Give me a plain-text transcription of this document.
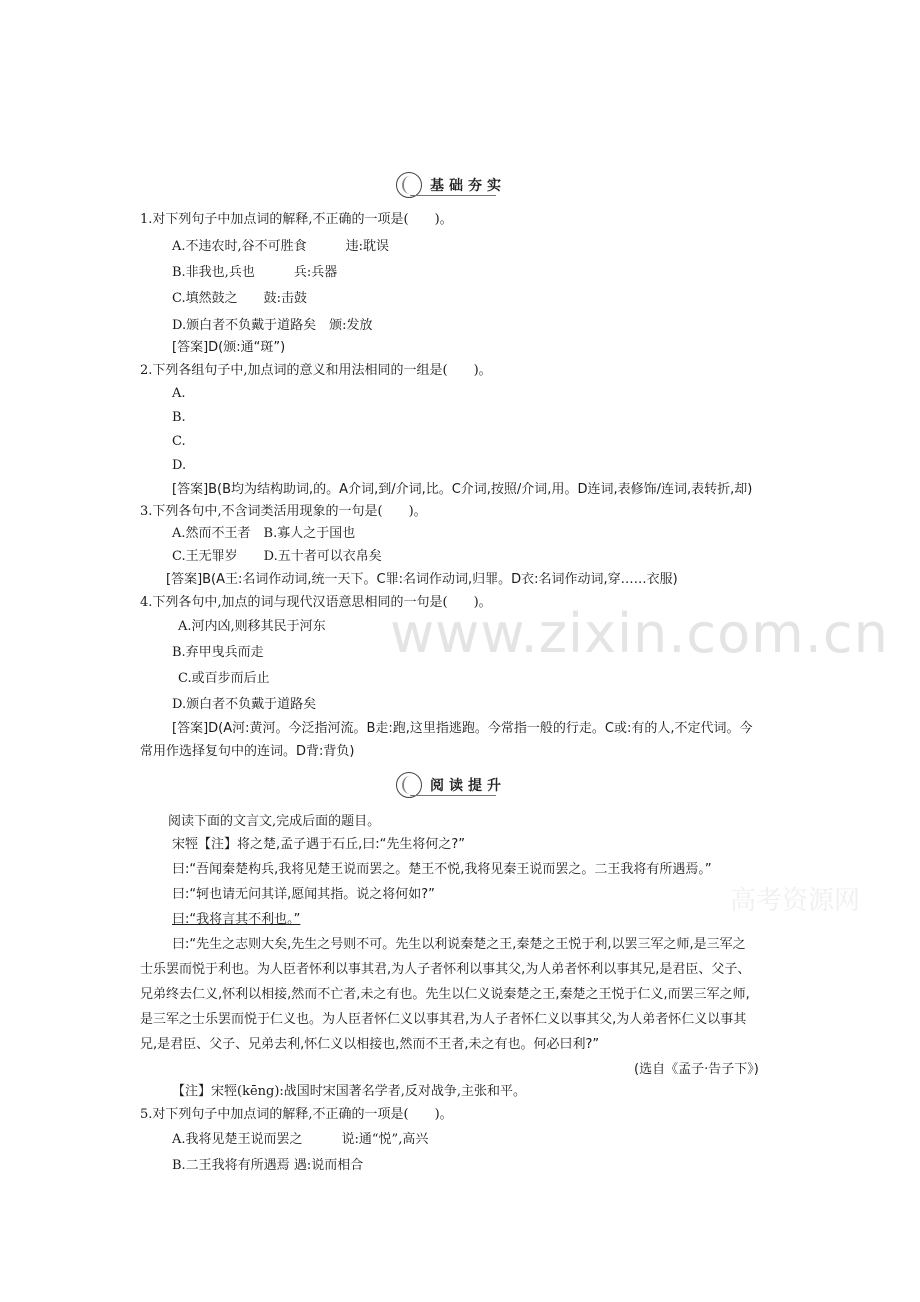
www.zixin.com.cn
高考资源网
基础夯实
阅读提升
1.对下列句子中加点词的解释,不正确的一项是(　　)。
A.不违农时,谷不可胜食　　　违:耽误
B.非我也,兵也　　　兵:兵器
C.填然鼓之　　鼓:击鼓
D.颁白者不负戴于道路矣　颁:发放
[答案]D(颁:通“斑”)
2.下列各组句子中,加点词的意义和用法相同的一组是(　　)。
A.
B.
C.
D.
[答案]B(B均为结构助词,的。A介词,到/介词,比。C介词,按照/介词,用。D连词,表修饰/连词,表转折,却)
3.下列各句中,不含词类活用现象的一句是(　　)。
A.然而不王者　B.寡人之于国也
C.王无罪岁　　D.五十者可以衣帛矣
[答案]B(A王:名词作动词,统一天下。C罪:名词作动词,归罪。D衣:名词作动词,穿……衣服)
4.下列各句中,加点的词与现代汉语意思相同的一句是(　　)。
A.河内凶,则移其民于河东
B.弃甲曳兵而走
C.或百步而后止
D.颁白者不负戴于道路矣
[答案]D(A河:黄河。今泛指河流。B走:跑,这里指逃跑。今常指一般的行走。C或:有的人,不定代词。今
常用作选择复句中的连词。D背:背负)
阅读下面的文言文,完成后面的题目。
宋牼【注】将之楚,孟子遇于石丘,曰:“先生将何之?”
曰:“吾闻秦楚构兵,我将见楚王说而罢之。楚王不悦,我将见秦王说而罢之。二王我将有所遇焉。”
曰:“轲也请无问其详,愿闻其指。说之将何如?”
曰:“我将言其不利也。”
曰:“先生之志则大矣,先生之号则不可。先生以利说秦楚之王,秦楚之王悦于利,以罢三军之师,是三军之
士乐罢而悦于利也。为人臣者怀利以事其君,为人子者怀利以事其父,为人弟者怀利以事其兄,是君臣、父子、
兄弟终去仁义,怀利以相接,然而不亡者,未之有也。先生以仁义说秦楚之王,秦楚之王悦于仁义,而罢三军之师,
是三军之士乐罢而悦于仁义也。为人臣者怀仁义以事其君,为人子者怀仁义以事其父,为人弟者怀仁义以事其
兄,是君臣、父子、兄弟去利,怀仁义以相接也,然而不王者,未之有也。何必曰利?”
(选自《孟子·告子下》)
【注】宋牼(kēng):战国时宋国著名学者,反对战争,主张和平。
5.对下列句子中加点词的解释,不正确的一项是(　　)。
A.我将见楚王说而罢之　　　说:通“悦”,高兴
B.二王我将有所遇焉 遇:说而相合
